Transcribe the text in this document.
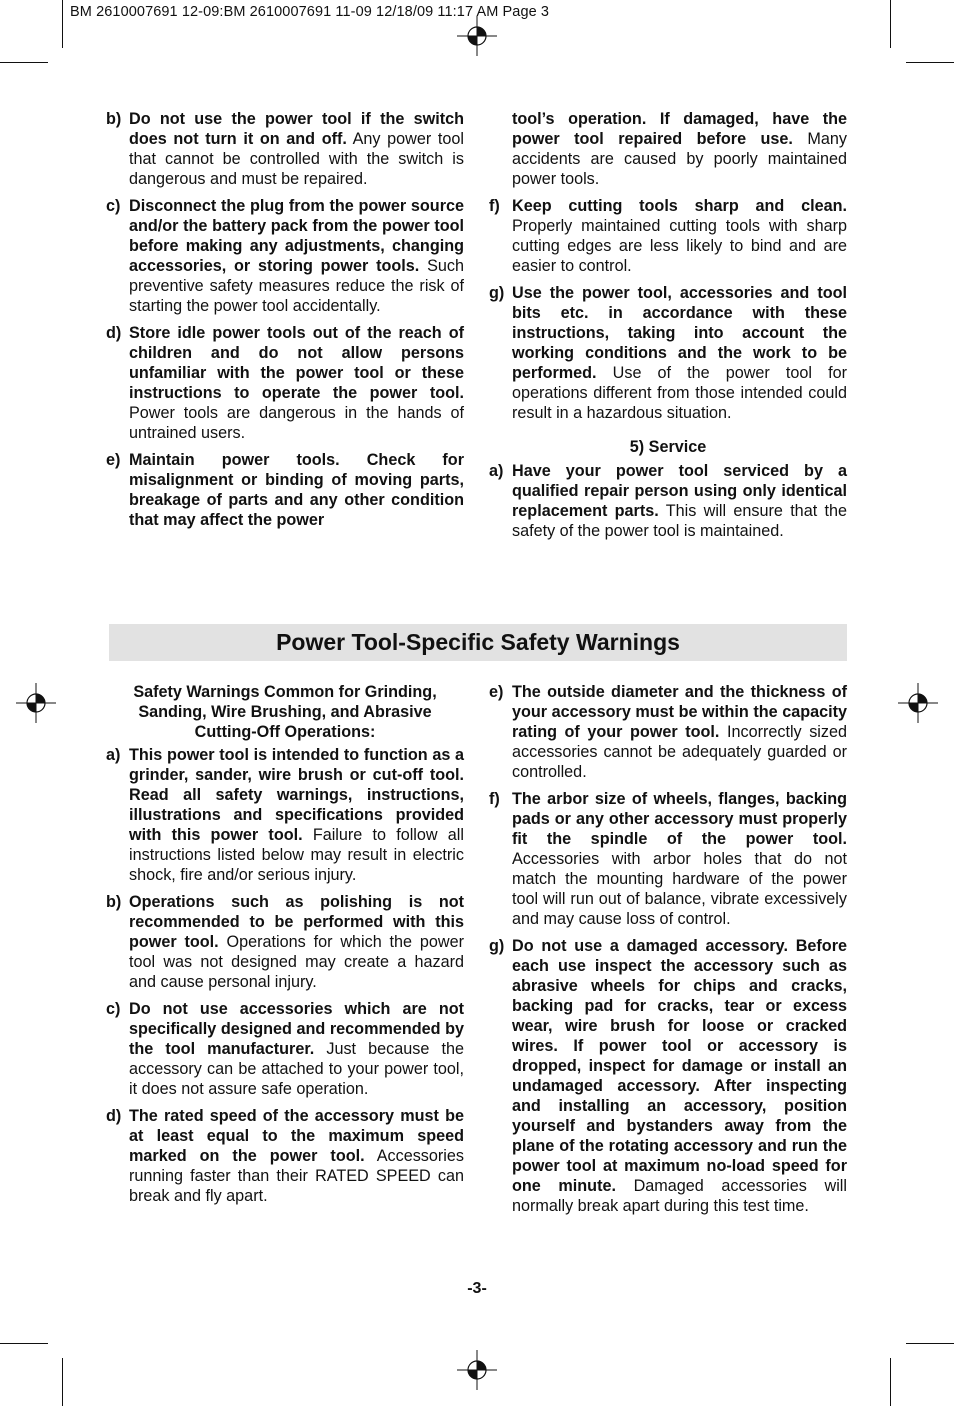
BM 2610007691 12-09:BM 2610007691 11-09 12/18/09 11:17 AM Page 3
b) Do not use the power tool if the switch does not turn it on and off. Any power tool that cannot be controlled with the switch is dangerous and must be repaired.
c) Disconnect the plug from the power source and/or the battery pack from the power tool before making any adjustments, changing accessories, or storing power tools. Such preventive safety measures reduce the risk of starting the power tool accidentally.
d) Store idle power tools out of the reach of children and do not allow persons unfamiliar with the power tool or these instructions to operate the power tool. Power tools are dangerous in the hands of untrained users.
e) Maintain power tools. Check for misalignment or binding of moving parts, breakage of parts and any other condition that may affect the power
tool’s operation. If damaged, have the power tool repaired before use. Many accidents are caused by poorly maintained power tools.
f) Keep cutting tools sharp and clean. Properly maintained cutting tools with sharp cutting edges are less likely to bind and are easier to control.
g) Use the power tool, accessories and tool bits etc. in accordance with these instructions, taking into account the working conditions and the work to be performed. Use of the power tool for operations different from those intended could result in a hazardous situation.
5) Service
a) Have your power tool serviced by a qualified repair person using only identical replacement parts. This will ensure that the safety of the power tool is maintained.
Power Tool-Specific Safety Warnings
Safety Warnings Common for Grinding, Sanding, Wire Brushing, and Abrasive Cutting-Off Operations:
a) This power tool is intended to function as a grinder, sander, wire brush or cut-off tool. Read all safety warnings, instructions, illustrations and specifications provided with this power tool. Failure to follow all instructions listed below may result in electric shock, fire and/or serious injury.
b) Operations such as polishing is not recommended to be performed with this power tool. Operations for which the power tool was not designed may create a hazard and cause personal injury.
c) Do not use accessories which are not specifically designed and recommended by the tool manufacturer. Just because the accessory can be attached to your power tool, it does not assure safe operation.
d) The rated speed of the accessory must be at least equal to the maximum speed marked on the power tool. Accessories running faster than their RATED SPEED can break and fly apart.
e) The outside diameter and the thickness of your accessory must be within the capacity rating of your power tool. Incorrectly sized accessories cannot be adequately guarded or controlled.
f) The arbor size of wheels, flanges, backing pads or any other accessory must properly fit the spindle of the power tool. Accessories with arbor holes that do not match the mounting hardware of the power tool will run out of balance, vibrate excessively and may cause loss of control.
g) Do not use a damaged accessory. Before each use inspect the accessory such as abrasive wheels for chips and cracks, backing pad for cracks, tear or excess wear, wire brush for loose or cracked wires. If power tool or accessory is dropped, inspect for damage or install an undamaged accessory. After inspecting and installing an accessory, position yourself and bystanders away from the plane of the rotating accessory and run the power tool at maximum no-load speed for one minute. Damaged accessories will normally break apart during this test time.
-3-
